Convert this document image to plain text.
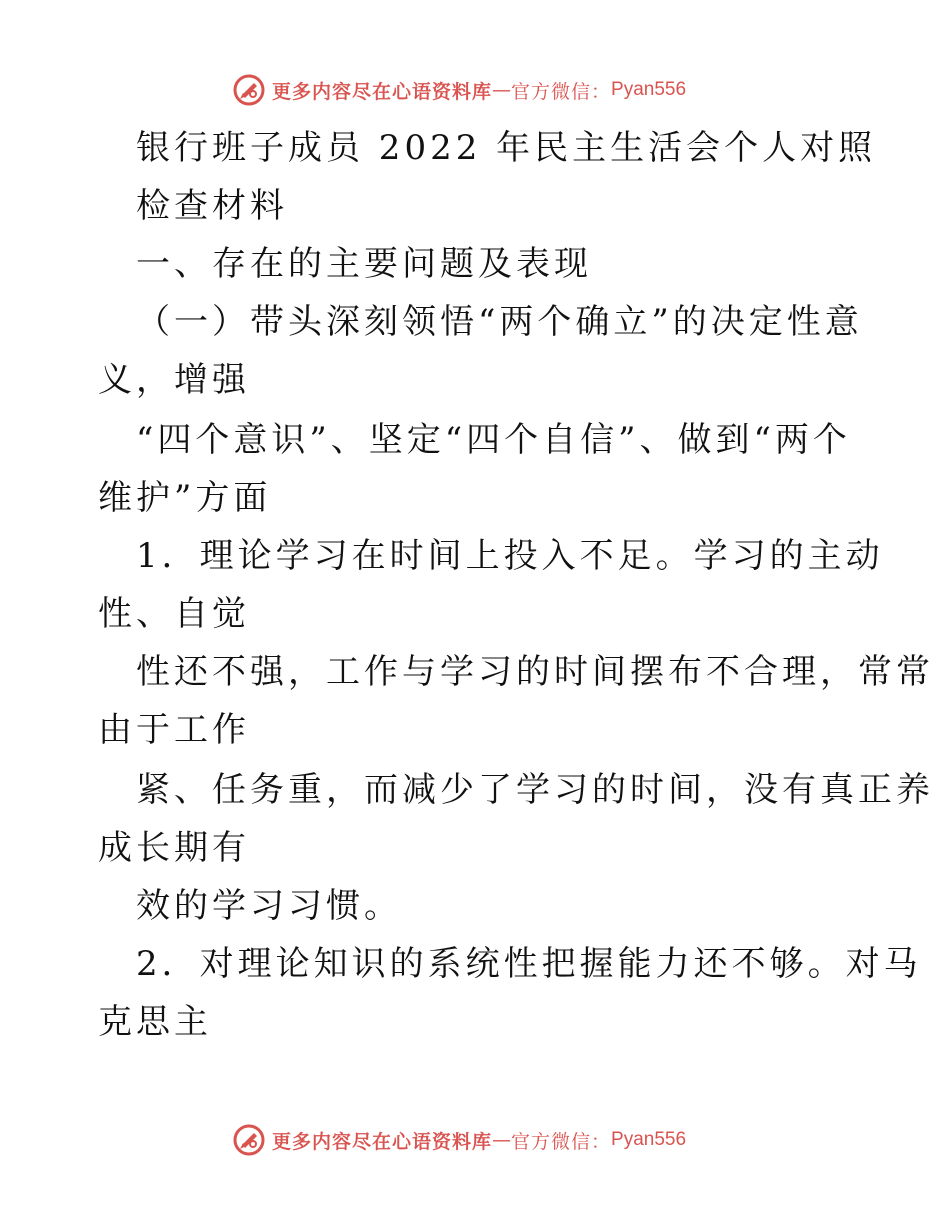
更多内容尽在心语资料库 — 官方微信： Pyan556
银行班子成员 2022 年民主生活会个人对照
检查材料
一、存在的主要问题及表现
（一）带头深刻领悟“两个确立”的决定性意
义，增强
“四个意识”、坚定“四个自信”、做到“两个
维护”方面
1．理论学习在时间上投入不足。学习的主动
性、自觉
性还不强，工作与学习的时间摆布不合理，常常
由于工作
紧、任务重，而减少了学习的时间，没有真正养
成长期有
效的学习习惯。
2．对理论知识的系统性把握能力还不够。对马
克思主
更多内容尽在心语资料库 — 官方微信： Pyan556
